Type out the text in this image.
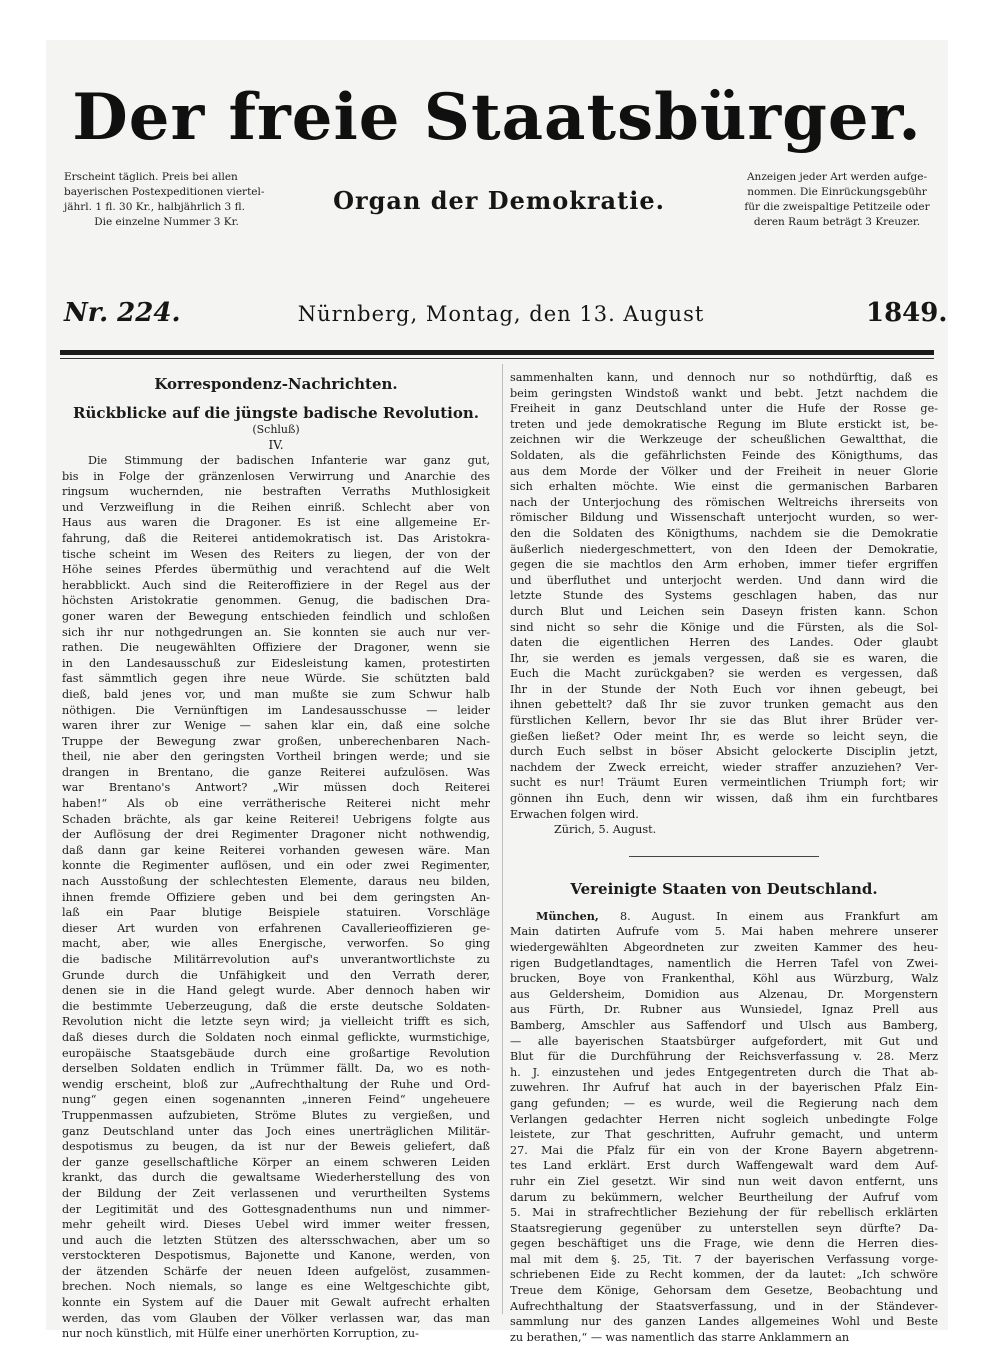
Der freie Staatsbürger.
Erscheint täglich. Preis bei allen
bayerischen Postexpeditionen viertel-
jährl. 1 fl. 30 Kr., halbjährlich 3 fl.
Die einzelne Nummer 3 Kr.
Organ der Demokratie.
Anzeigen jeder Art werden aufge-
nommen. Die Einrückungsgebühr
für die zweispaltige Petitzeile oder
deren Raum beträgt 3 Kreuzer.
Nr. 224.	Nürnberg, Montag, den 13. August	1849.
Korrespondenz-Nachrichten.
Rückblicke auf die jüngste badische Revolution.
(Schluß)
IV.
Die Stimmung der badischen Infanterie war ganz gut,
bis in Folge der gränzenlosen Verwirrung und Anarchie des
ringsum wuchernden, nie bestraften Verraths Muthlosigkeit
und Verzweiflung in die Reihen einriß. Schlecht aber von
Haus aus waren die Dragoner. Es ist eine allgemeine Er-
fahrung, daß die Reiterei antidemokratisch ist. Das Aristokra-
tische scheint im Wesen des Reiters zu liegen, der von der
Höhe seines Pferdes übermüthig und verachtend auf die Welt
herabblickt. Auch sind die Reiteroffiziere in der Regel aus der
höchsten Aristokratie genommen. Genug, die badischen Dra-
goner waren der Bewegung entschieden feindlich und schloßen
sich ihr nur nothgedrungen an. Sie konnten sie auch nur ver-
rathen. Die neugewählten Offiziere der Dragoner, wenn sie
in den Landesausschuß zur Eidesleistung kamen, protestirten
fast sämmtlich gegen ihre neue Würde. Sie schützten bald
dieß, bald jenes vor, und man mußte sie zum Schwur halb
nöthigen. Die Vernünftigen im Landesausschusse — leider
waren ihrer zur Wenige — sahen klar ein, daß eine solche
Truppe der Bewegung zwar großen, unberechenbaren Nach-
theil, nie aber den geringsten Vortheil bringen werde; und sie
drangen in Brentano, die ganze Reiterei aufzulösen. Was
war Brentano's Antwort? „Wir müssen doch Reiterei
haben!“ Als ob eine verrätherische Reiterei nicht mehr
Schaden brächte, als gar keine Reiterei! Uebrigens folgte aus
der Auflösung der drei Regimenter Dragoner nicht nothwendig,
daß dann gar keine Reiterei vorhanden gewesen wäre. Man
konnte die Regimenter auflösen, und ein oder zwei Regimenter,
nach Ausstoßung der schlechtesten Elemente, daraus neu bilden,
ihnen fremde Offiziere geben und bei dem geringsten An-
laß ein Paar blutige Beispiele statuiren. Vorschläge
dieser Art wurden von erfahrenen Cavallerieoffizieren ge-
macht, aber, wie alles Energische, verworfen. So ging
die badische Militärrevolution auf's unverantwortlichste zu
Grunde durch die Unfähigkeit und den Verrath derer,
denen sie in die Hand gelegt wurde. Aber dennoch haben wir
die bestimmte Ueberzeugung, daß die erste deutsche Soldaten-
Revolution nicht die letzte seyn wird; ja vielleicht trifft es sich,
daß dieses durch die Soldaten noch einmal geflickte, wurmstichige,
europäische Staatsgebäude durch eine großartige Revolution
derselben Soldaten endlich in Trümmer fällt. Da, wo es noth-
wendig erscheint, bloß zur „Aufrechthaltung der Ruhe und Ord-
nung“ gegen einen sogenannten „inneren Feind“ ungeheuere
Truppenmassen aufzubieten, Ströme Blutes zu vergießen, und
ganz Deutschland unter das Joch eines unerträglichen Militär-
despotismus zu beugen, da ist nur der Beweis geliefert, daß
der ganze gesellschaftliche Körper an einem schweren Leiden
krankt, das durch die gewaltsame Wiederherstellung des von
der Bildung der Zeit verlassenen und verurtheilten Systems
der Legitimität und des Gottesgnadenthums nun und nimmer-
mehr geheilt wird. Dieses Uebel wird immer weiter fressen,
und auch die letzten Stützen des altersschwachen, aber um so
verstockteren Despotismus, Bajonette und Kanone, werden, von
der ätzenden Schärfe der neuen Ideen aufgelöst, zusammen-
brechen. Noch niemals, so lange es eine Weltgeschichte gibt,
konnte ein System auf die Dauer mit Gewalt aufrecht erhalten
werden, das vom Glauben der Völker verlassen war, das man
nur noch künstlich, mit Hülfe einer unerhörten Korruption, zu-
sammenhalten kann, und dennoch nur so nothdürftig, daß es
beim geringsten Windstoß wankt und bebt. Jetzt nachdem die
Freiheit in ganz Deutschland unter die Hufe der Rosse ge-
treten und jede demokratische Regung im Blute erstickt ist, be-
zeichnen wir die Werkzeuge der scheußlichen Gewaltthat, die
Soldaten, als die gefährlichsten Feinde des Königthums, das
aus dem Morde der Völker und der Freiheit in neuer Glorie
sich erhalten möchte. Wie einst die germanischen Barbaren
nach der Unterjochung des römischen Weltreichs ihrerseits von
römischer Bildung und Wissenschaft unterjocht wurden, so wer-
den die Soldaten des Königthums, nachdem sie die Demokratie
äußerlich niedergeschmettert, von den Ideen der Demokratie,
gegen die sie machtlos den Arm erhoben, immer tiefer ergriffen
und überfluthet und unterjocht werden. Und dann wird die
letzte Stunde des Systems geschlagen haben, das nur
durch Blut und Leichen sein Daseyn fristen kann. Schon
sind nicht so sehr die Könige und die Fürsten, als die Sol-
daten die eigentlichen Herren des Landes. Oder glaubt
Ihr, sie werden es jemals vergessen, daß sie es waren, die
Euch die Macht zurückgaben? sie werden es vergessen, daß
Ihr in der Stunde der Noth Euch vor ihnen gebeugt, bei
ihnen gebettelt? daß Ihr sie zuvor trunken gemacht aus den
fürstlichen Kellern, bevor Ihr sie das Blut ihrer Brüder ver-
gießen ließet? Oder meint Ihr, es werde so leicht seyn, die
durch Euch selbst in böser Absicht gelockerte Disciplin jetzt,
nachdem der Zweck erreicht, wieder straffer anzuziehen? Ver-
sucht es nur! Träumt Euren vermeintlichen Triumph fort; wir
gönnen ihn Euch, denn wir wissen, daß ihm ein furchtbares
Erwachen folgen wird.
Zürich, 5. August.
Vereinigte Staaten von Deutschland.
München, 8. August. In einem aus Frankfurt am
Main datirten Aufrufe vom 5. Mai haben mehrere unserer
wiedergewählten Abgeordneten zur zweiten Kammer des heu-
rigen Budgetlandtages, namentlich die Herren Tafel von Zwei-
brucken, Boye von Frankenthal, Köhl aus Würzburg, Walz
aus Geldersheim, Domidion aus Alzenau, Dr. Morgenstern
aus Fürth, Dr. Rubner aus Wunsiedel, Ignaz Prell aus
Bamberg, Amschler aus Saffendorf und Ulsch aus Bamberg,
— alle bayerischen Staatsbürger aufgefordert, mit Gut und
Blut für die Durchführung der Reichsverfassung v. 28. Merz
h. J. einzustehen und jedes Entgegentreten durch die That ab-
zuwehren. Ihr Aufruf hat auch in der bayerischen Pfalz Ein-
gang gefunden; — es wurde, weil die Regierung nach dem
Verlangen gedachter Herren nicht sogleich unbedingte Folge
leistete, zur That geschritten, Aufruhr gemacht, und unterm
27. Mai die Pfalz für ein von der Krone Bayern abgetrenn-
tes Land erklärt. Erst durch Waffengewalt ward dem Auf-
ruhr ein Ziel gesetzt. Wir sind nun weit davon entfernt, uns
darum zu bekümmern, welcher Beurtheilung der Aufruf vom
5. Mai in strafrechtlicher Beziehung der für rebellisch erklärten
Staatsregierung gegenüber zu unterstellen seyn dürfte? Da-
gegen beschäftiget uns die Frage, wie denn die Herren dies-
mal mit dem §. 25, Tit. 7 der bayerischen Verfassung vorge-
schriebenen Eide zu Recht kommen, der da lautet: „Ich schwöre
Treue dem Könige, Gehorsam dem Gesetze, Beobachtung und
Aufrechthaltung der Staatsverfassung, und in der Ständever-
sammlung nur des ganzen Landes allgemeines Wohl und Beste
zu berathen,“ — was namentlich das starre Anklammern an
